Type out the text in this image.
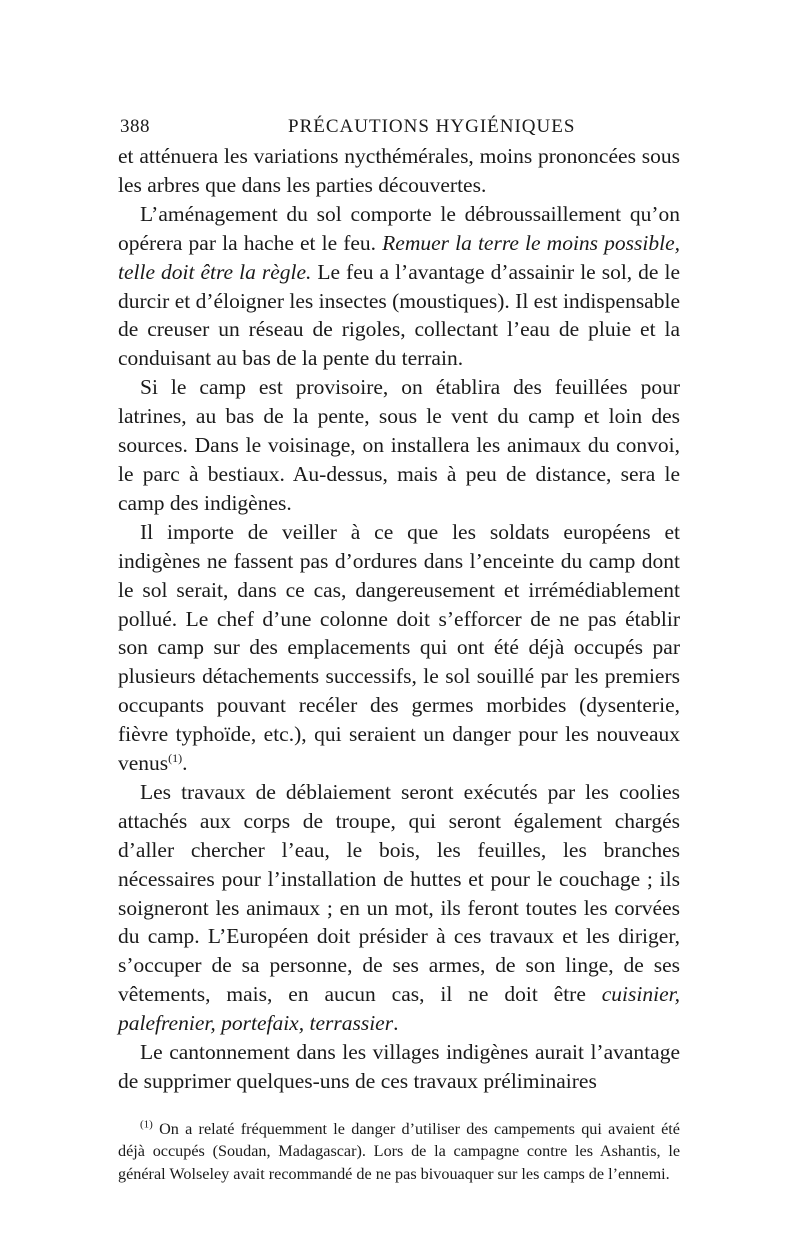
388	PRÉCAUTIONS HYGIÉNIQUES

et atténuera les variations nycthémérales, moins prononcées sous les arbres que dans les parties découvertes.

L’aménagement du sol comporte le débroussaillement qu’on opérera par la hache et le feu. Remuer la terre le moins possible, telle doit être la règle. Le feu a l’avantage d’assainir le sol, de le durcir et d’éloigner les insectes (moustiques). Il est indispensable de creuser un réseau de rigoles, collectant l’eau de pluie et la conduisant au bas de la pente du terrain.

Si le camp est provisoire, on établira des feuillées pour latrines, au bas de la pente, sous le vent du camp et loin des sources. Dans le voisinage, on installera les animaux du convoi, le parc à bestiaux. Au-dessus, mais à peu de distance, sera le camp des indigènes.

Il importe de veiller à ce que les soldats européens et indigènes ne fassent pas d’ordures dans l’enceinte du camp dont le sol serait, dans ce cas, dangereusement et irrémédiablement pollué. Le chef d’une colonne doit s’efforcer de ne pas établir son camp sur des emplacements qui ont été déjà occupés par plusieurs détachements successifs, le sol souillé par les premiers occupants pouvant recéler des germes morbides (dysenterie, fièvre typhoïde, etc.), qui seraient un danger pour les nouveaux venus$^{(1)}$.

Les travaux de déblaiement seront exécutés par les coolies attachés aux corps de troupe, qui seront également chargés d’aller chercher l’eau, le bois, les feuilles, les branches nécessaires pour l’installation de huttes et pour le couchage ; ils soigneront les animaux ; en un mot, ils feront toutes les corvées du camp. L’Européen doit présider à ces travaux et les diriger, s’occuper de sa personne, de ses armes, de son linge, de ses vêtements, mais, en aucun cas, il ne doit être cuisinier, palefrenier, portefaix, terrassier.

Le cantonnement dans les villages indigènes aurait l’avantage de supprimer quelques-uns de ces travaux préliminaires

$^{(1)}$ On a relaté fréquemment le danger d’utiliser des campements qui avaient été déjà occupés (Soudan, Madagascar). Lors de la campagne contre les Ashantis, le général Wolseley avait recommandé de ne pas bivouaquer sur les camps de l’ennemi.
